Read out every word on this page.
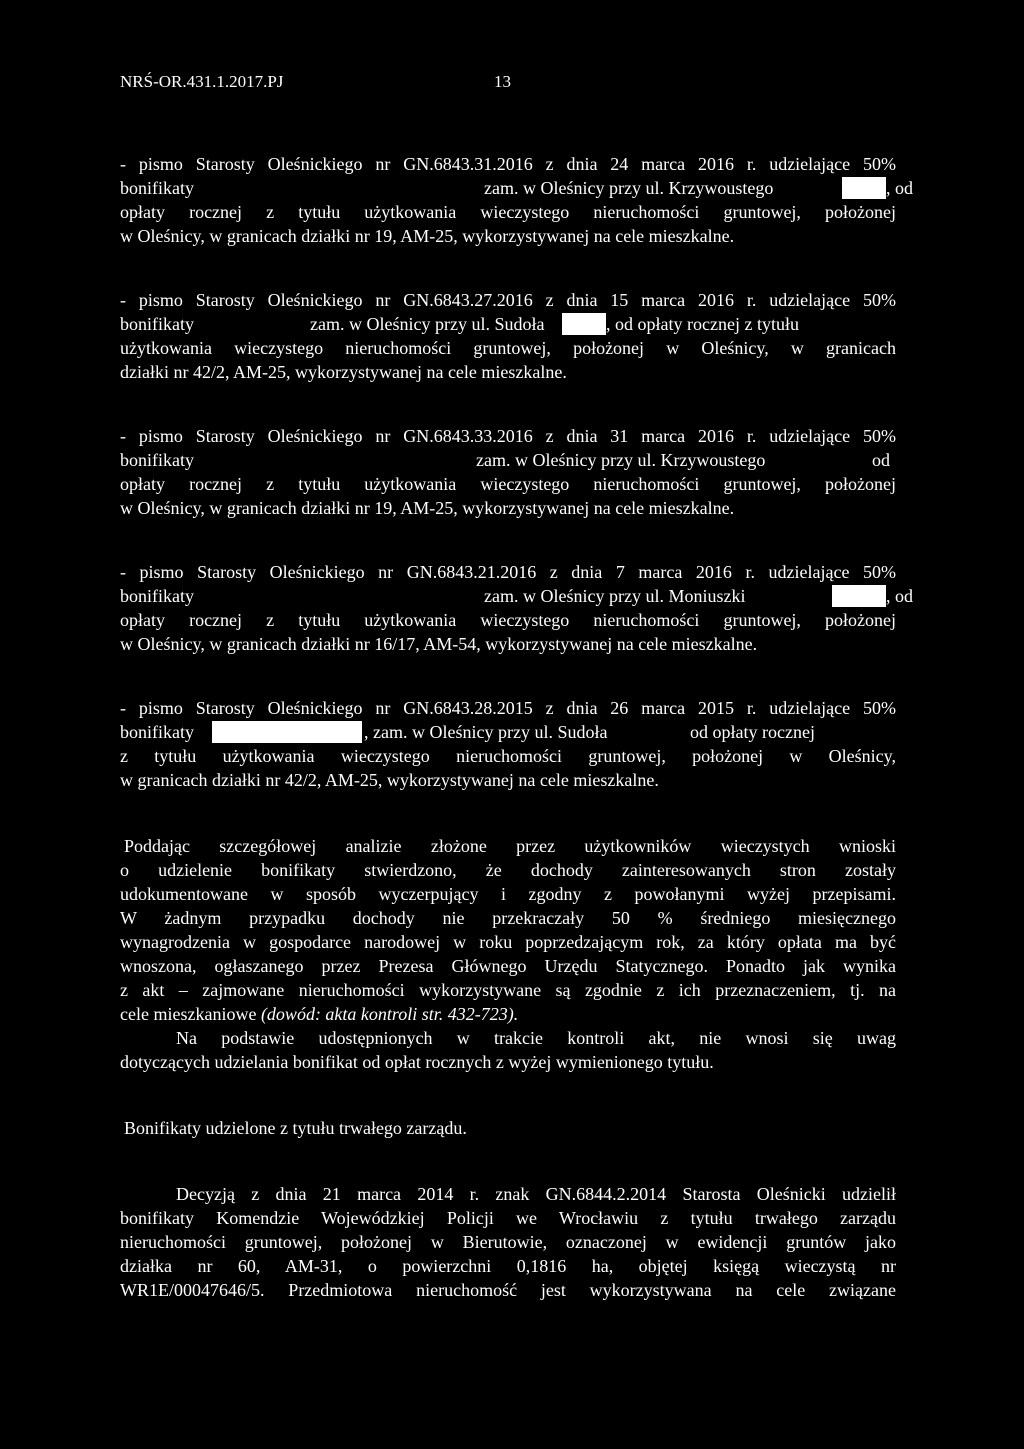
NRŚ-OR.431.1.2017.PJ	13
- pismo Starosty Oleśnickiego nr GN.6843.31.2016 z dnia 24 marca 2016 r. udzielające 50%
bonifikaty	zam. w Oleśnicy przy ul. Krzywoustego	, od
opłaty rocznej z tytułu użytkowania wieczystego nieruchomości gruntowej, położonej
w Oleśnicy, w granicach działki nr 19, AM-25, wykorzystywanej na cele mieszkalne.
- pismo Starosty Oleśnickiego nr GN.6843.27.2016 z dnia 15 marca 2016 r. udzielające 50%
bonifikaty	zam. w Oleśnicy przy ul. Sudoła	, od opłaty rocznej z tytułu
użytkowania wieczystego nieruchomości gruntowej, położonej w Oleśnicy, w granicach
działki nr 42/2, AM-25, wykorzystywanej na cele mieszkalne.
- pismo Starosty Oleśnickiego nr GN.6843.33.2016 z dnia 31 marca 2016 r. udzielające 50%
bonifikaty	zam. w Oleśnicy przy ul. Krzywoustego	od
opłaty rocznej z tytułu użytkowania wieczystego nieruchomości gruntowej, położonej
w Oleśnicy, w granicach działki nr 19, AM-25, wykorzystywanej na cele mieszkalne.
- pismo Starosty Oleśnickiego nr GN.6843.21.2016 z dnia 7 marca 2016 r. udzielające 50%
bonifikaty	zam. w Oleśnicy przy ul. Moniuszki	, od
opłaty rocznej z tytułu użytkowania wieczystego nieruchomości gruntowej, położonej
w Oleśnicy, w granicach działki nr 16/17, AM-54, wykorzystywanej na cele mieszkalne.
- pismo Starosty Oleśnickiego nr GN.6843.28.2015 z dnia 26 marca 2015 r. udzielające 50%
bonifikaty	, zam. w Oleśnicy przy ul. Sudoła	od opłaty rocznej
z tytułu użytkowania wieczystego nieruchomości gruntowej, położonej w Oleśnicy,
w granicach działki nr 42/2, AM-25, wykorzystywanej na cele mieszkalne.
Poddając szczegółowej analizie złożone przez użytkowników wieczystych wnioski
o udzielenie bonifikaty stwierdzono, że dochody zainteresowanych stron zostały
udokumentowane w sposób wyczerpujący i zgodny z powołanymi wyżej przepisami.
W żadnym przypadku dochody nie przekraczały 50 % średniego miesięcznego
wynagrodzenia w gospodarce narodowej w roku poprzedzającym rok, za który opłata ma być
wnoszona, ogłaszanego przez Prezesa Głównego Urzędu Statycznego. Ponadto jak wynika
z akt – zajmowane nieruchomości wykorzystywane są zgodnie z ich przeznaczeniem, tj. na
cele mieszkaniowe (dowód: akta kontroli str. 432-723).
Na podstawie udostępnionych w trakcie kontroli akt, nie wnosi się uwag
dotyczących udzielania bonifikat od opłat rocznych z wyżej wymienionego tytułu.
Bonifikaty udzielone z tytułu trwałego zarządu.
Decyzją z dnia 21 marca 2014 r. znak GN.6844.2.2014 Starosta Oleśnicki udzielił
bonifikaty Komendzie Wojewódzkiej Policji we Wrocławiu z tytułu trwałego zarządu
nieruchomości gruntowej, położonej w Bierutowie, oznaczonej w ewidencji gruntów jako
działka nr 60, AM-31, o powierzchni 0,1816 ha, objętej księgą wieczystą nr
WR1E/00047646/5. Przedmiotowa nieruchomość jest wykorzystywana na cele związane
